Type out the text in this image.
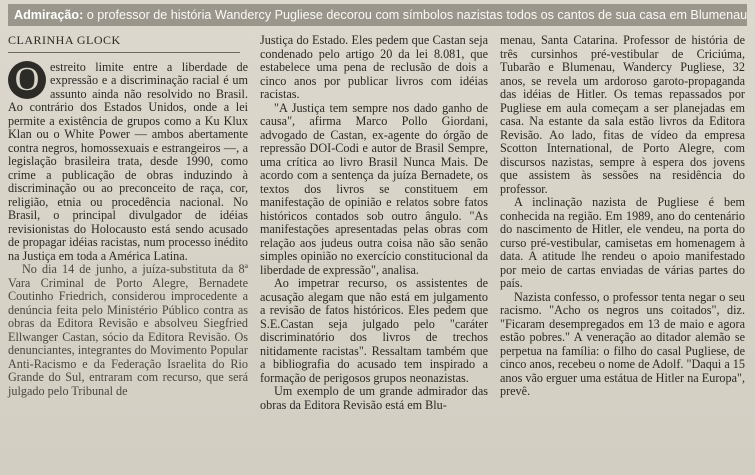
Admiração: o professor de história Wandercy Pugliese decorou com símbolos nazistas todos os cantos de sua casa em Blumenau
CLARINHA GLOCK
O estreito limite entre a liberdade de expressão e a discriminação racial é um assunto ainda não resolvido no Brasil. Ao contrário dos Estados Unidos, onde a lei permite a existência de grupos como a Ku Klux Klan ou o White Power — ambos abertamente contra negros, homossexuais e estrangeiros —, a legislação brasileira trata, desde 1990, como crime a publicação de obras induzindo à discriminação ou ao preconceito de raça, cor, religião, etnia ou procedência nacional. No Brasil, o principal divulgador de idéias revisionistas do Holocausto está sendo acusado de propagar idéias racistas, num processo inédito na Justiça em toda a América Latina.

No dia 14 de junho, a juíza-substituta da 8ª Vara Criminal de Porto Alegre, Bernadete Coutinho Friedrich, considerou improcedente a denúncia feita pelo Ministério Público contra as obras da Editora Revisão e absolveu Siegfried Ellwanger Castan, sócio da Editora Revisão. Os denunciantes, integrantes do Movimento Popular Anti-Racismo e da Federação Israelita do Rio Grande do Sul, entraram com recurso, que será julgado pelo Tribunal de

Justiça do Estado. Eles pedem que Castan seja condenado pelo artigo 20 da lei 8.081, que estabelece uma pena de reclusão de dois a cinco anos por publicar livros com idéias racistas.

"A Justiça tem sempre nos dado ganho de causa", afirma Marco Pollo Giordani, advogado de Castan, ex-agente do órgão de repressão DOI-Codi e autor de Brasil Sempre, uma crítica ao livro Brasil Nunca Mais. De acordo com a sentença da juíza Bernadete, os textos dos livros se constituem em manifestação de opinião e relatos sobre fatos históricos contados sob outro ângulo. "As manifestações apresentadas pelas obras com relação aos judeus outra coisa não são senão simples opinião no exercício constitucional da liberdade de expressão", analisa.

Ao impetrar recurso, os assistentes de acusação alegam que não está em julgamento a revisão de fatos históricos. Eles pedem que S.E.Castan seja julgado pelo "caráter discriminatório dos livros de trechos nitidamente racistas". Ressaltam também que a bibliografia do acusado tem inspirado a formação de perigosos grupos neonazistas.

Um exemplo de um grande admirador das obras da Editora Revisão está em Blu-

menau, Santa Catarina. Professor de história de três cursinhos pré-vestibular de Criciúma, Tubarão e Blumenau, Wandercy Pugliese, 32 anos, se revela um ardoroso garoto-propaganda das idéias de Hitler. Os temas repassados por Pugliese em aula começam a ser planejadas em casa. Na estante da sala estão livros da Editora Revisão. Ao lado, fitas de vídeo da empresa Scotton International, de Porto Alegre, com discursos nazistas, sempre à espera dos jovens que assistem às sessões na residência do professor.

A inclinação nazista de Pugliese é bem conhecida na região. Em 1989, ano do centenário do nascimento de Hitler, ele vendeu, na porta do curso pré-vestibular, camisetas em homenagem à data. A atitude lhe rendeu o apoio manifestado por meio de cartas enviadas de várias partes do país.

Nazista confesso, o professor tenta negar o seu racismo. "Acho os negros uns coitados", diz. "Ficaram desempregados em 13 de maio e agora estão pobres." A veneração ao ditador alemão se perpetua na família: o filho do casal Pugliese, de cinco anos, recebeu o nome de Adolf. "Daqui a 15 anos vão erguer uma estátua de Hitler na Europa", prevê.
